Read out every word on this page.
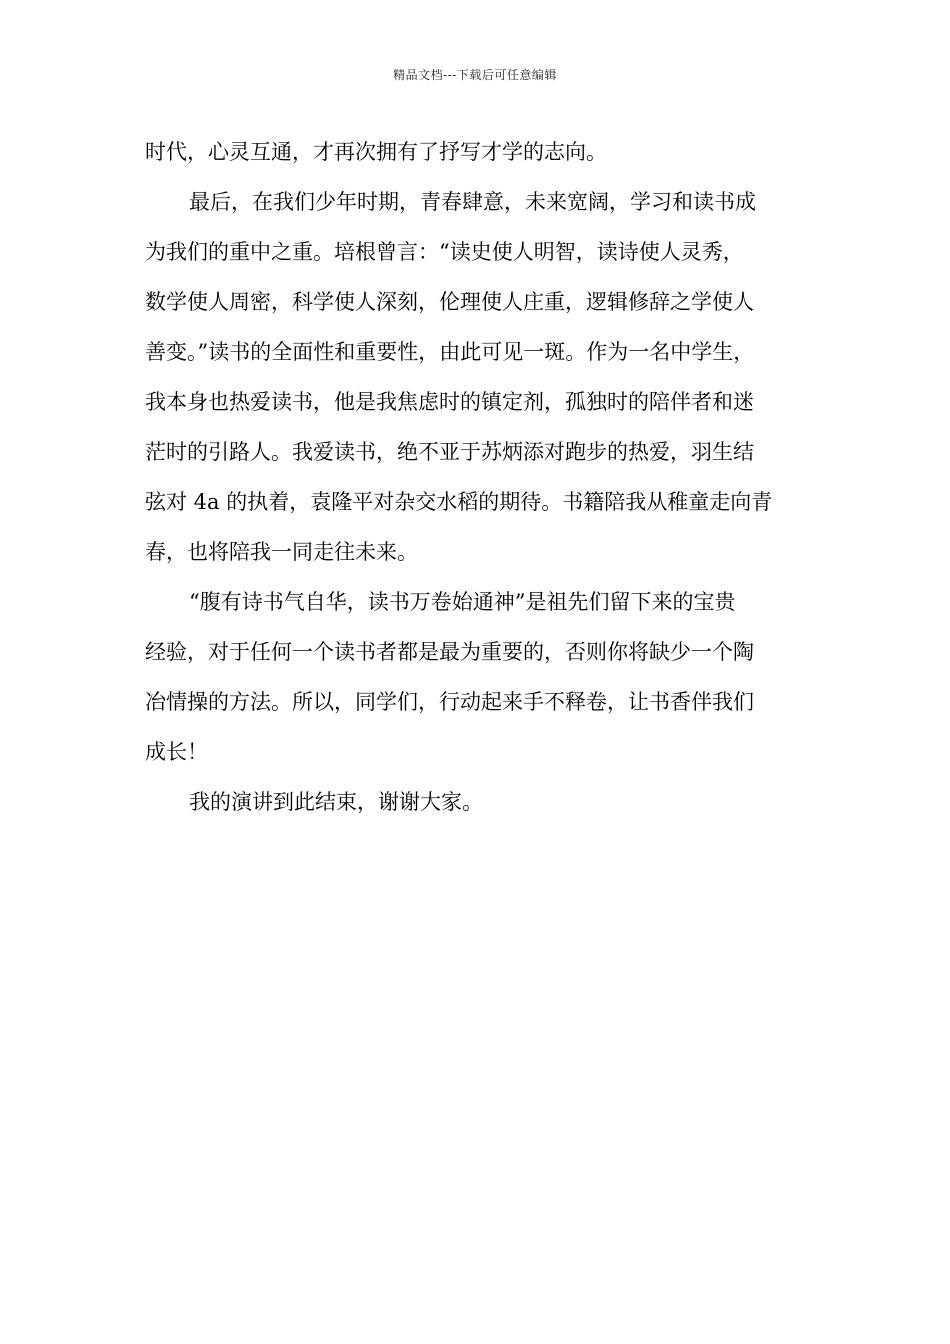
精品文档---下载后可任意编辑
时代，心灵互通，才再次拥有了抒写才学的志向。
最后，在我们少年时期，青春肆意，未来宽阔，学习和读书成
为我们的重中之重。培根曾言：“读史使人明智，读诗使人灵秀，
数学使人周密，科学使人深刻，伦理使人庄重，逻辑修辞之学使人
善变。”读书的全面性和重要性，由此可见一斑。作为一名中学生，
我本身也热爱读书，他是我焦虑时的镇定剂，孤独时的陪伴者和迷
茫时的引路人。我爱读书，绝不亚于苏炳添对跑步的热爱，羽生结
弦对 4a 的执着，袁隆平对杂交水稻的期待。书籍陪我从稚童走向青
春，也将陪我一同走往未来。
“腹有诗书气自华，读书万卷始通神”是祖先们留下来的宝贵
经验，对于任何一个读书者都是最为重要的，否则你将缺少一个陶
冶情操的方法。所以，同学们，行动起来手不释卷，让书香伴我们
成长！
我的演讲到此结束，谢谢大家。
